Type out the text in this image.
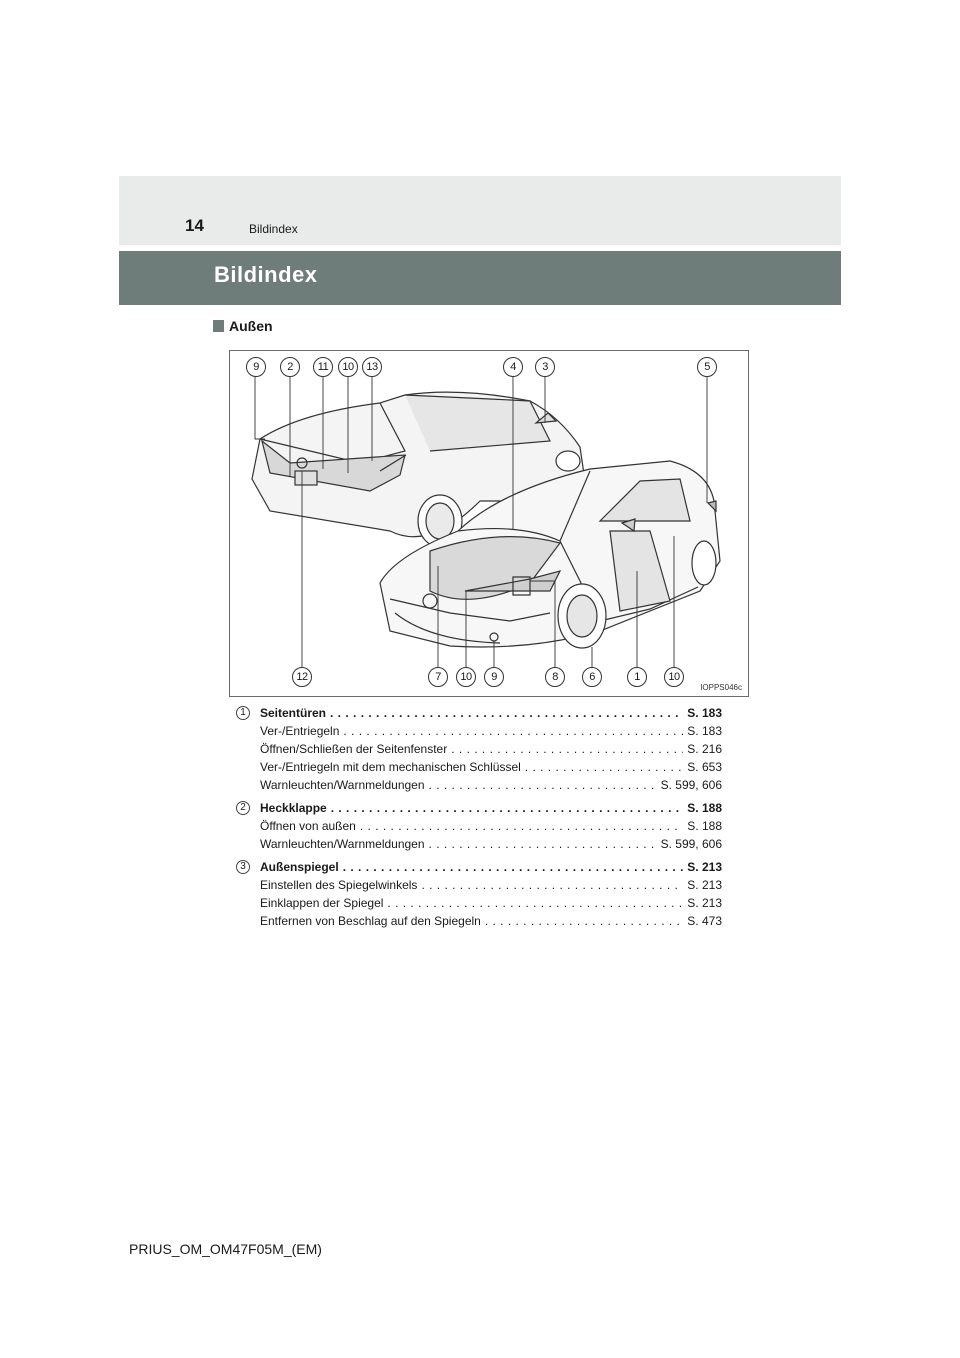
14	Bildindex
Bildindex
Außen
9	2	11	10	13	4	3	5
12	7	10	9	8	6	1	10
IOPPS046c
1	Seitentüren . . .	S. 183
Ver-/Entriegeln . . .	S. 183
Öffnen/Schließen der Seitenfenster . . .	S. 216
Ver-/Entriegeln mit dem mechanischen Schlüssel . . .	S. 653
Warnleuchten/Warnmeldungen . . .	S. 599, 606
2	Heckklappe . . .	S. 188
Öffnen von außen . . .	S. 188
Warnleuchten/Warnmeldungen . . .	S. 599, 606
3	Außenspiegel . . .	S. 213
Einstellen des Spiegelwinkels . . .	S. 213
Einklappen der Spiegel . . .	S. 213
Entfernen von Beschlag auf den Spiegeln . . .	S. 473
PRIUS_OM_OM47F05M_(EM)
